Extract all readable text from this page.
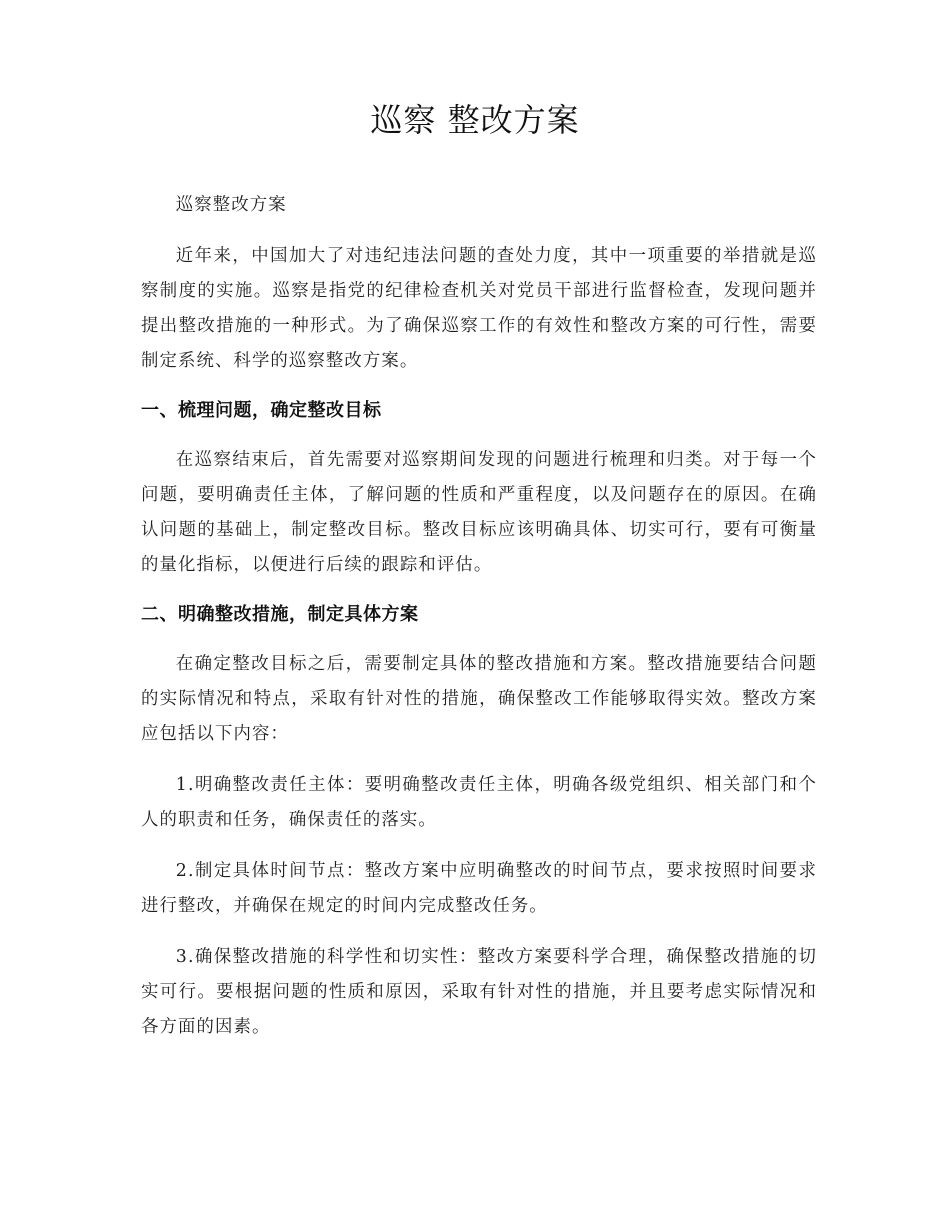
巡察 整改方案

巡察整改方案

近年来，中国加大了对违纪违法问题的查处力度，其中一项重要的举措就是巡察制度的实施。巡察是指党的纪律检查机关对党员干部进行监督检查，发现问题并提出整改措施的一种形式。为了确保巡察工作的有效性和整改方案的可行性，需要制定系统、科学的巡察整改方案。

一、梳理问题，确定整改目标

在巡察结束后，首先需要对巡察期间发现的问题进行梳理和归类。对于每一个问题，要明确责任主体，了解问题的性质和严重程度，以及问题存在的原因。在确认问题的基础上，制定整改目标。整改目标应该明确具体、切实可行，要有可衡量的量化指标，以便进行后续的跟踪和评估。

二、明确整改措施，制定具体方案

在确定整改目标之后，需要制定具体的整改措施和方案。整改措施要结合问题的实际情况和特点，采取有针对性的措施，确保整改工作能够取得实效。整改方案应包括以下内容：

1.明确整改责任主体：要明确整改责任主体，明确各级党组织、相关部门和个人的职责和任务，确保责任的落实。

2.制定具体时间节点：整改方案中应明确整改的时间节点，要求按照时间要求进行整改，并确保在规定的时间内完成整改任务。

3.确保整改措施的科学性和切实性：整改方案要科学合理，确保整改措施的切实可行。要根据问题的性质和原因，采取有针对性的措施，并且要考虑实际情况和各方面的因素。
